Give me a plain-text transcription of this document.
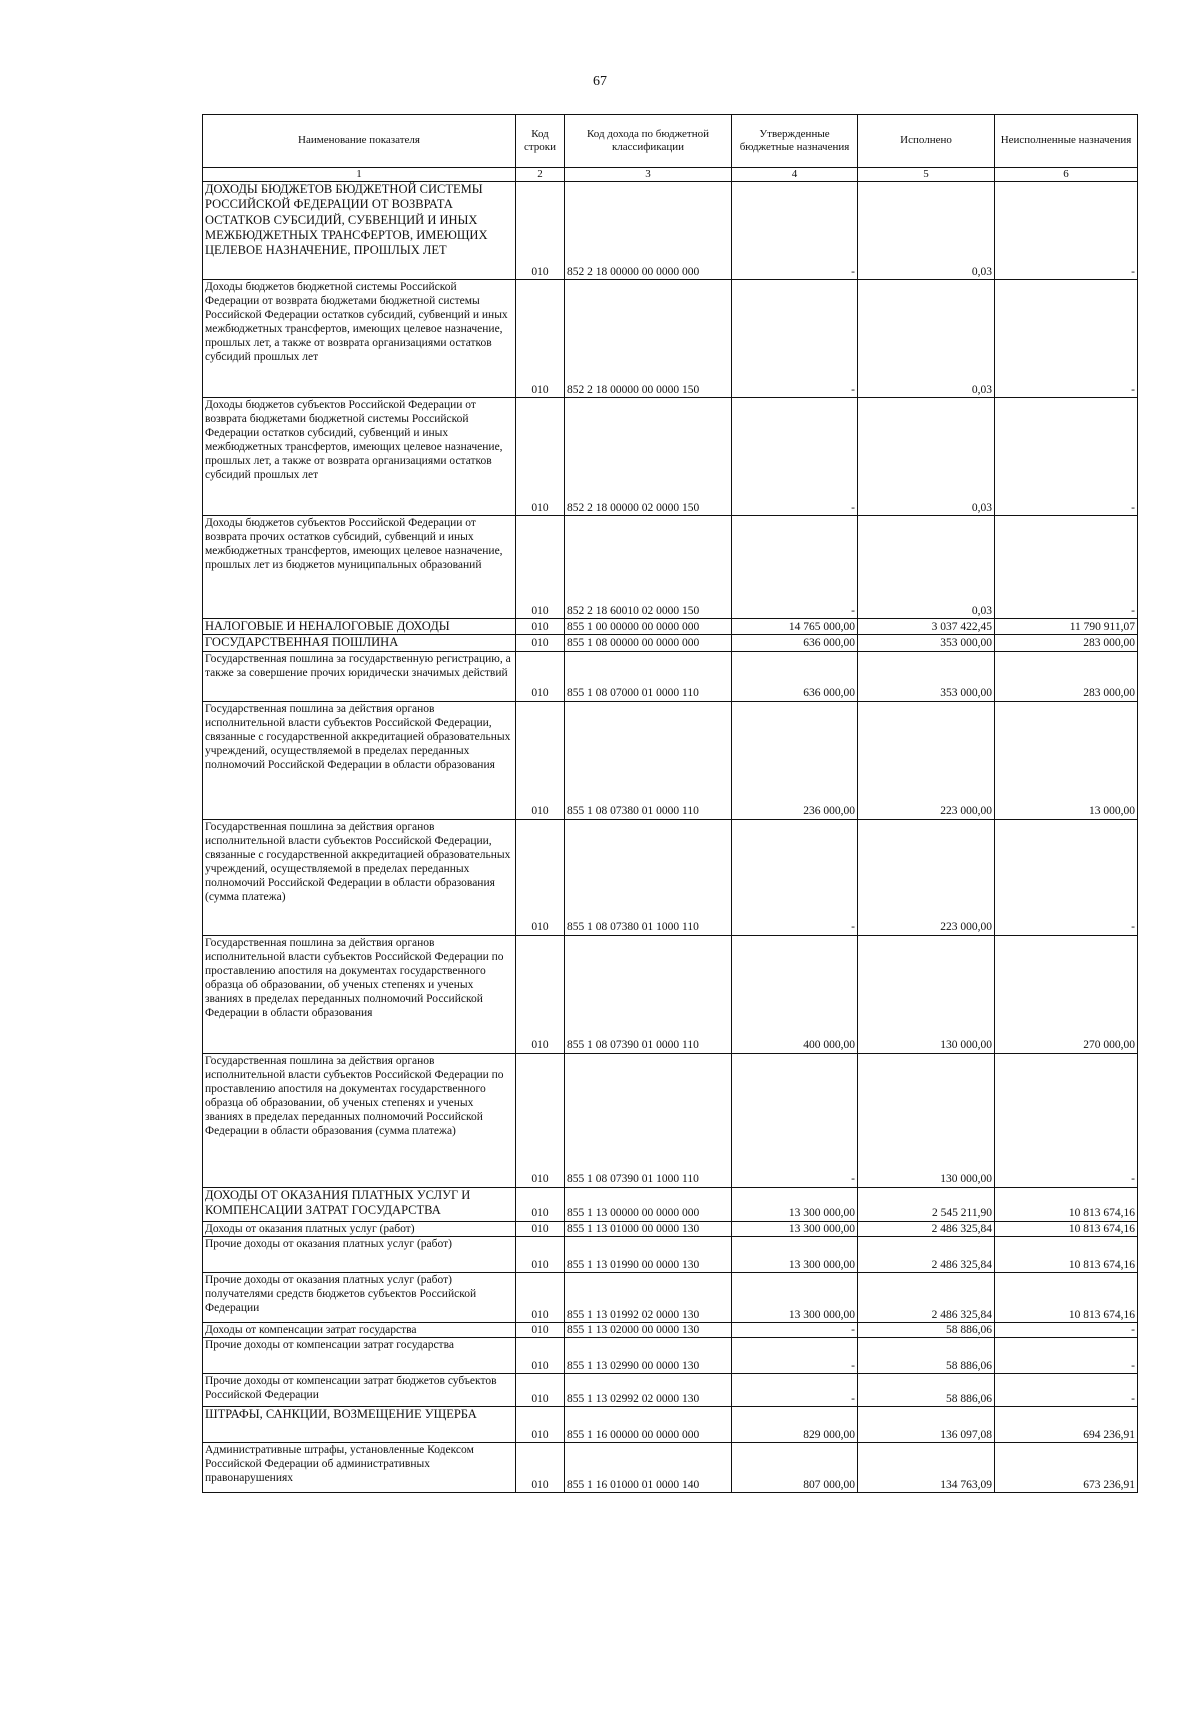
67
Наименование показателя	Код строки	Код дохода по бюджетной классификации	Утвержденные бюджетные назначения	Исполнено	Неисполненные назначения
1	2	3	4	5	6
ДОХОДЫ БЮДЖЕТОВ БЮДЖЕТНОЙ СИСТЕМЫ РОССИЙСКОЙ ФЕДЕРАЦИИ ОТ ВОЗВРАТА ОСТАТКОВ СУБСИДИЙ, СУБВЕНЦИЙ И ИНЫХ МЕЖБЮДЖЕТНЫХ ТРАНСФЕРТОВ, ИМЕЮЩИХ ЦЕЛЕВОЕ НАЗНАЧЕНИЕ, ПРОШЛЫХ ЛЕТ	010	852 2 18 00000 00 0000 000	-	0,03	-
Доходы бюджетов бюджетной системы Российской Федерации от возврата бюджетами бюджетной системы Российской Федерации остатков субсидий, субвенций и иных межбюджетных трансфертов, имеющих целевое назначение, прошлых лет, а также от возврата организациями остатков субсидий прошлых лет	010	852 2 18 00000 00 0000 150	-	0,03	-
Доходы бюджетов субъектов Российской Федерации от возврата бюджетами бюджетной системы Российской Федерации остатков субсидий, субвенций и иных межбюджетных трансфертов, имеющих целевое назначение, прошлых лет, а также от возврата организациями остатков субсидий прошлых лет	010	852 2 18 00000 02 0000 150	-	0,03	-
Доходы бюджетов субъектов Российской Федерации от возврата прочих остатков субсидий, субвенций и иных межбюджетных трансфертов, имеющих целевое назначение, прошлых лет из бюджетов муниципальных образований	010	852 2 18 60010 02 0000 150	-	0,03	-
НАЛОГОВЫЕ И НЕНАЛОГОВЫЕ ДОХОДЫ	010	855 1 00 00000 00 0000 000	14 765 000,00	3 037 422,45	11 790 911,07
ГОСУДАРСТВЕННАЯ ПОШЛИНА	010	855 1 08 00000 00 0000 000	636 000,00	353 000,00	283 000,00
Государственная пошлина за государственную регистрацию, а также за совершение прочих юридически значимых действий	010	855 1 08 07000 01 0000 110	636 000,00	353 000,00	283 000,00
Государственная пошлина за действия органов исполнительной власти субъектов Российской Федерации, связанные с государственной аккредитацией образовательных учреждений, осуществляемой в пределах переданных полномочий Российской Федерации в области образования	010	855 1 08 07380 01 0000 110	236 000,00	223 000,00	13 000,00
Государственная пошлина за действия органов исполнительной власти субъектов Российской Федерации, связанные с государственной аккредитацией образовательных учреждений, осуществляемой в пределах переданных полномочий Российской Федерации в области образования (сумма платежа)	010	855 1 08 07380 01 1000 110	-	223 000,00	-
Государственная пошлина за действия органов исполнительной власти субъектов Российской Федерации по проставлению апостиля на документах государственного образца об образовании, об ученых степенях и ученых званиях в пределах переданных полномочий Российской Федерации в области образования	010	855 1 08 07390 01 0000 110	400 000,00	130 000,00	270 000,00
Государственная пошлина за действия органов исполнительной власти субъектов Российской Федерации по проставлению апостиля на документах государственного образца об образовании, об ученых степенях и ученых званиях в пределах переданных полномочий Российской Федерации в области образования (сумма платежа)	010	855 1 08 07390 01 1000 110	-	130 000,00	-
ДОХОДЫ ОТ ОКАЗАНИЯ ПЛАТНЫХ УСЛУГ И КОМПЕНСАЦИИ ЗАТРАТ ГОСУДАРСТВА	010	855 1 13 00000 00 0000 000	13 300 000,00	2 545 211,90	10 813 674,16
Доходы от оказания платных услуг (работ)	010	855 1 13 01000 00 0000 130	13 300 000,00	2 486 325,84	10 813 674,16
Прочие доходы от оказания платных услуг (работ)	010	855 1 13 01990 00 0000 130	13 300 000,00	2 486 325,84	10 813 674,16
Прочие доходы от оказания платных услуг (работ) получателями средств бюджетов субъектов Российской Федерации	010	855 1 13 01992 02 0000 130	13 300 000,00	2 486 325,84	10 813 674,16
Доходы от компенсации затрат государства	010	855 1 13 02000 00 0000 130	-	58 886,06	-
Прочие доходы от компенсации затрат государства	010	855 1 13 02990 00 0000 130	-	58 886,06	-
Прочие доходы от компенсации затрат бюджетов субъектов Российской Федерации	010	855 1 13 02992 02 0000 130	-	58 886,06	-
ШТРАФЫ, САНКЦИИ, ВОЗМЕЩЕНИЕ УЩЕРБА	010	855 1 16 00000 00 0000 000	829 000,00	136 097,08	694 236,91
Административные штрафы, установленные Кодексом Российской Федерации об административных правонарушениях	010	855 1 16 01000 01 0000 140	807 000,00	134 763,09	673 236,91
